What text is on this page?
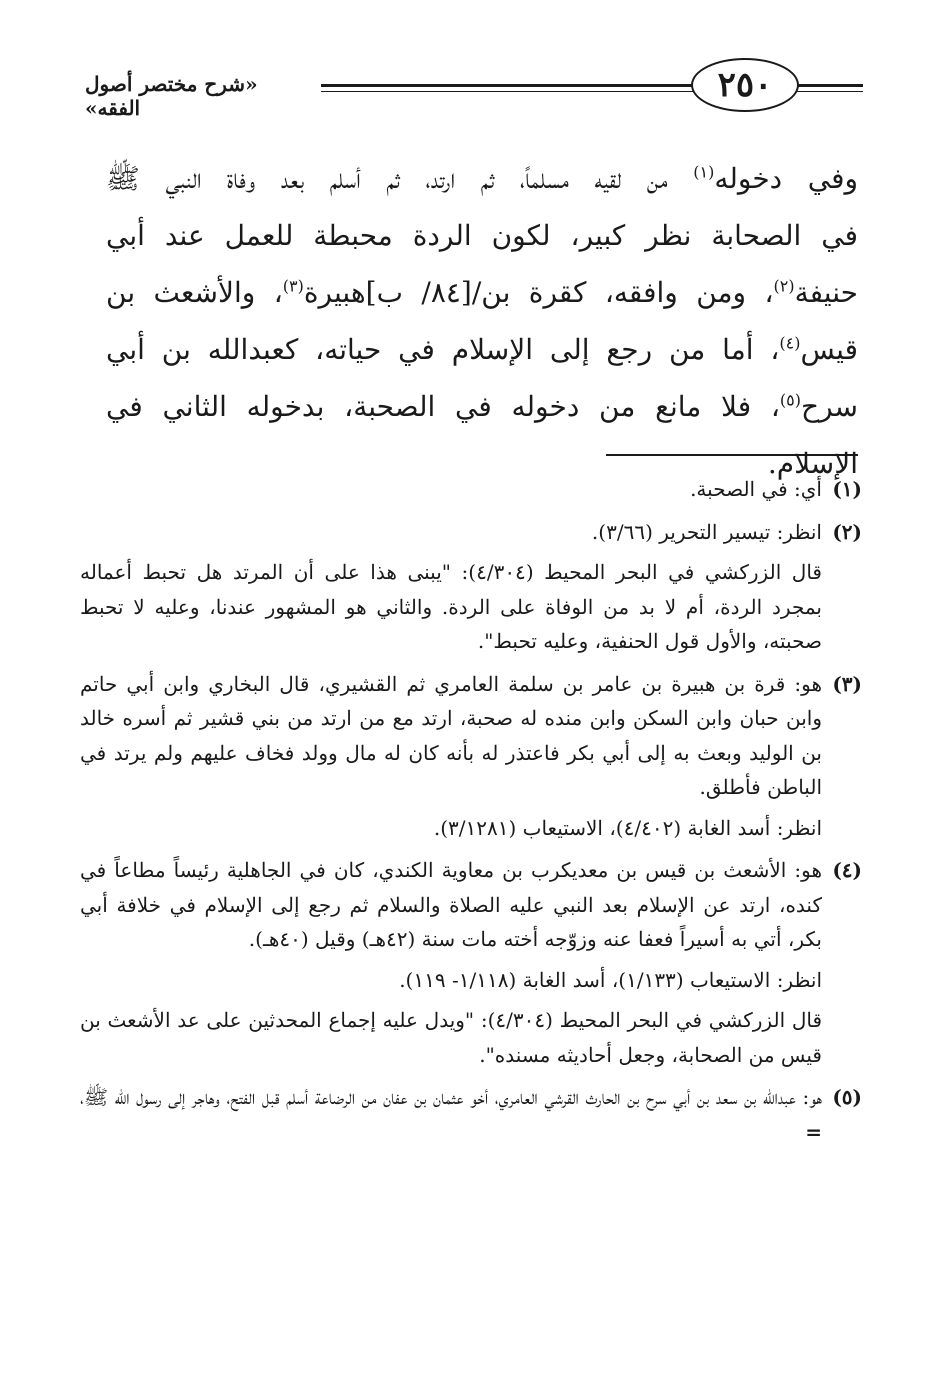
«شرح مختصر أصول الفقه»
٢٥٠

وفي دخوله$^{(١)}$ من لقيه مسلماً، ثم ارتد، ثم أسلم بعد وفاة النبي ﷺ

في الصحابة نظر كبير، لكون الردة محبطة للعمل عند أبي

حنيفة$^{(٢)}$، ومن وافقه، كقرة بن/[٨٤/ ب]هبيرة$^{(٣)}$، والأشعث بن

قيس$^{(٤)}$، أما من رجع إلى الإسلام في حياته، كعبدالله بن أبي

سرح$^{(٥)}$، فلا مانع من دخوله في الصحبة، بدخوله الثاني في الإسلام.

(١)

أي: في الصحبة.

(٢)

انظر: تيسير التحرير (٣/٦٦).

قال الزركشي في البحر المحيط (٤/٣٠٤): "يبنى هذا على أن المرتد هل تحبط أعماله بمجرد الردة، أم لا بد من الوفاة على الردة. والثاني هو المشهور عندنا، وعليه لا تحبط صحبته، والأول قول الحنفية، وعليه تحبط".

(٣)

هو: قرة بن هبيرة بن عامر بن سلمة العامري ثم القشيري، قال البخاري وابن أبي حاتم وابن حبان وابن السكن وابن منده له صحبة، ارتد مع من ارتد من بني قشير ثم أسره خالد بن الوليد وبعث به إلى أبي بكر فاعتذر له بأنه كان له مال وولد فخاف عليهم ولم يرتد في الباطن فأطلق.

انظر: أسد الغابة (٤/٤٠٢)، الاستيعاب (٣/١٢٨١).

(٤)

هو: الأشعث بن قيس بن معديكرب بن معاوية الكندي، كان في الجاهلية رئيساً مطاعاً في كنده، ارتد عن الإسلام بعد النبي عليه الصلاة والسلام ثم رجع إلى الإسلام في خلافة أبي بكر، أتي به أسيراً فعفا عنه وزوّجه أخته مات سنة (٤٢هـ) وقيل (٤٠هـ).

انظر: الاستيعاب (١/١٣٣)، أسد الغابة (١/١١٨- ١١٩).

قال الزركشي في البحر المحيط (٤/٣٠٤): "ويدل عليه إجماع المحدثين على عد الأشعث بن قيس من الصحابة، وجعل أحاديثه مسنده".

(٥)

هو: عبدالله بن سعد بن أبي سرح بن الحارث القرشي العامري، أخو عثمان بن عفان من الرضاعة أسلم قبل الفتح، وهاجر إلى رسول الله ﷺ، =
